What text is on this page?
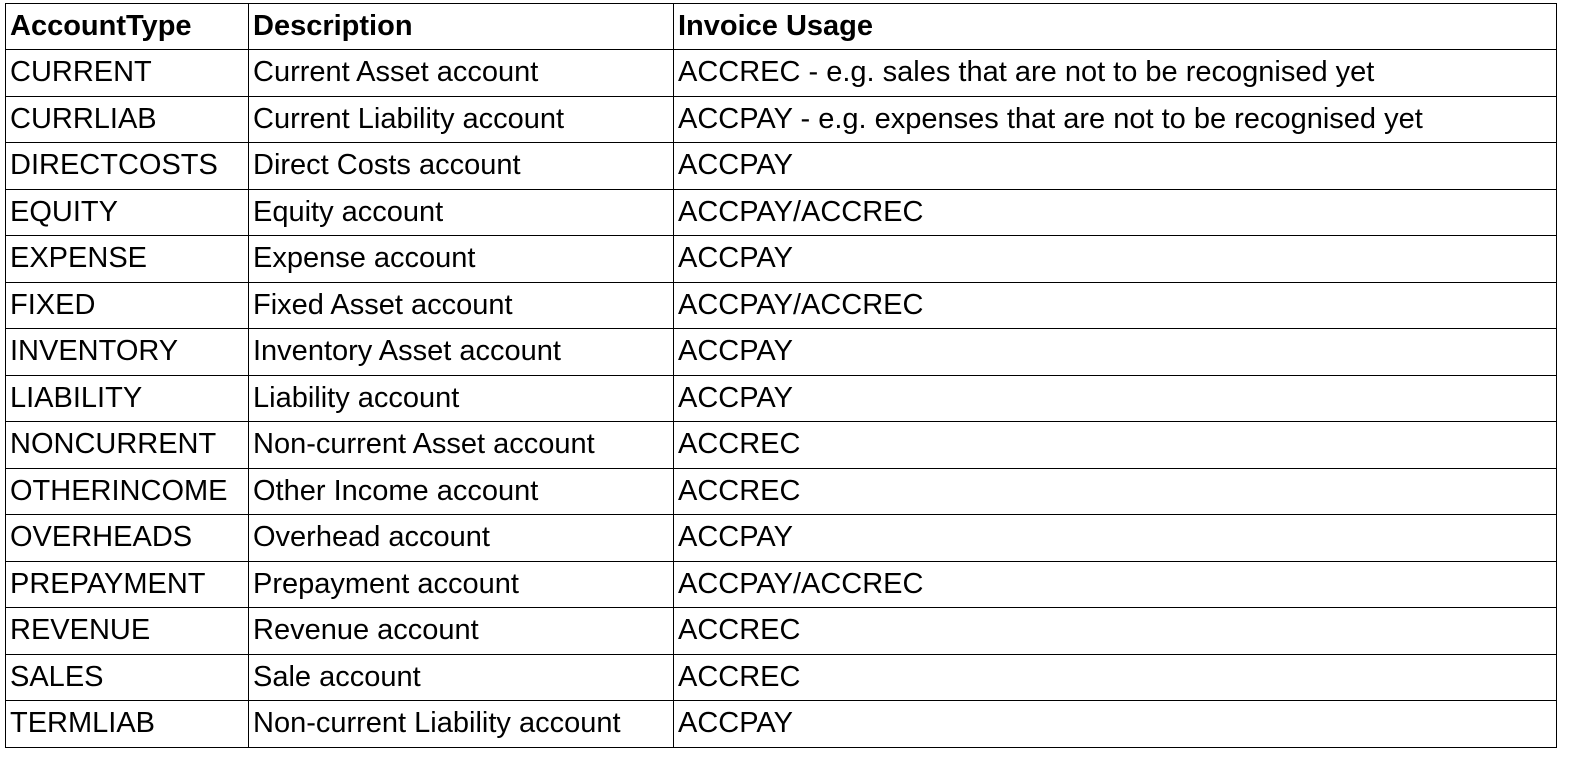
AccountType	Description	Invoice Usage
CURRENT	Current Asset account	ACCREC - e.g. sales that are not to be recognised yet
CURRLIAB	Current Liability account	ACCPAY - e.g. expenses that are not to be recognised yet
DIRECTCOSTS	Direct Costs account	ACCPAY
EQUITY	Equity account	ACCPAY/ACCREC
EXPENSE	Expense account	ACCPAY
FIXED	Fixed Asset account	ACCPAY/ACCREC
INVENTORY	Inventory Asset account	ACCPAY
LIABILITY	Liability account	ACCPAY
NONCURRENT	Non-current Asset account	ACCREC
OTHERINCOME	Other Income account	ACCREC
OVERHEADS	Overhead account	ACCPAY
PREPAYMENT	Prepayment account	ACCPAY/ACCREC
REVENUE	Revenue account	ACCREC
SALES	Sale account	ACCREC
TERMLIAB	Non-current Liability account	ACCPAY
